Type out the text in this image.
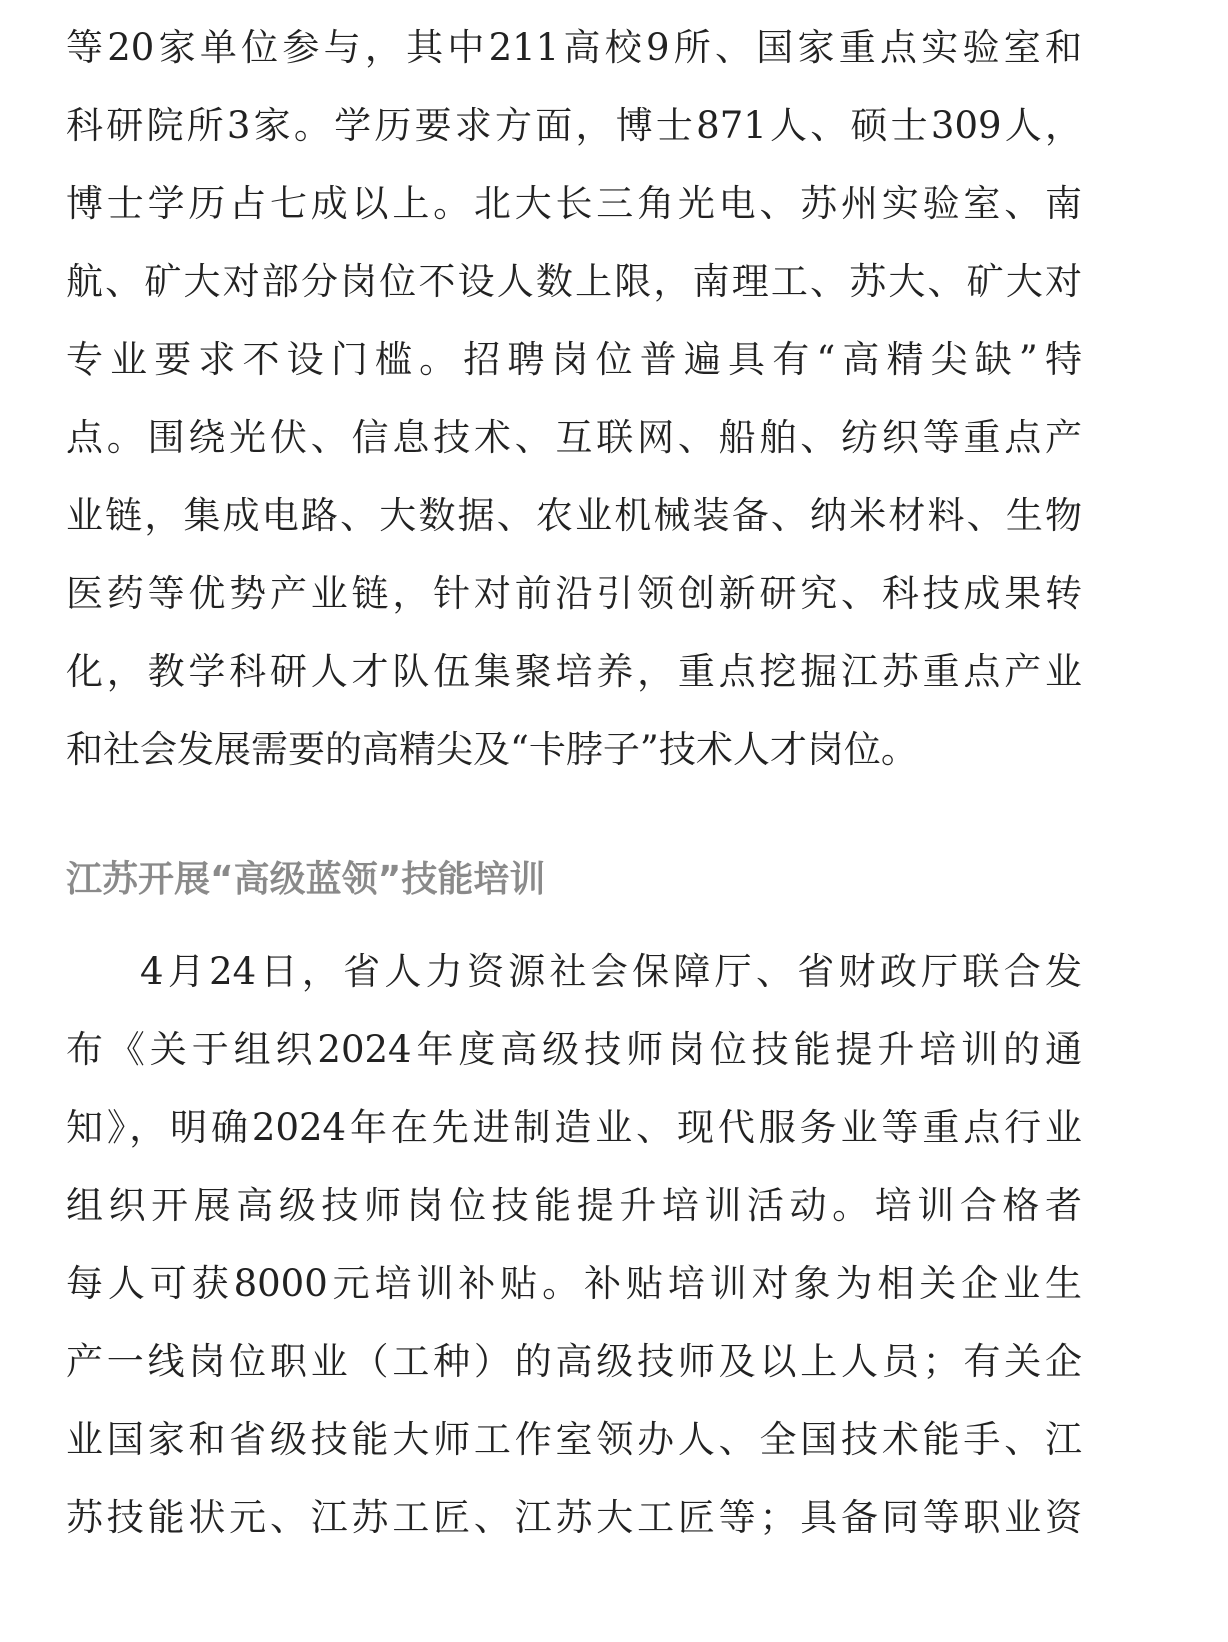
等20家单位参与，其中211高校9所、国家重点实验室和
科研院所3家。学历要求方面，博士871人、硕士309人，
博士学历占七成以上。北大长三角光电、苏州实验室、南
航、矿大对部分岗位不设人数上限，南理工、苏大、矿大对
专业要求不设门槛。招聘岗位普遍具有“高精尖缺”特
点。围绕光伏、信息技术、互联网、船舶、纺织等重点产
业链，集成电路、大数据、农业机械装备、纳米材料、生物
医药等优势产业链，针对前沿引领创新研究、科技成果转
化，教学科研人才队伍集聚培养，重点挖掘江苏重点产业
和社会发展需要的高精尖及“卡脖子”技术人才岗位。
江苏开展“高级蓝领”技能培训
4月24日，省人力资源社会保障厅、省财政厅联合发
布《关于组织2024年度高级技师岗位技能提升培训的通
知》，明确2024年在先进制造业、现代服务业等重点行业
组织开展高级技师岗位技能提升培训活动。培训合格者
每人可获8000元培训补贴。补贴培训对象为相关企业生
产一线岗位职业（工种）的高级技师及以上人员；有关企
业国家和省级技能大师工作室领办人、全国技术能手、江
苏技能状元、江苏工匠、江苏大工匠等；具备同等职业资
